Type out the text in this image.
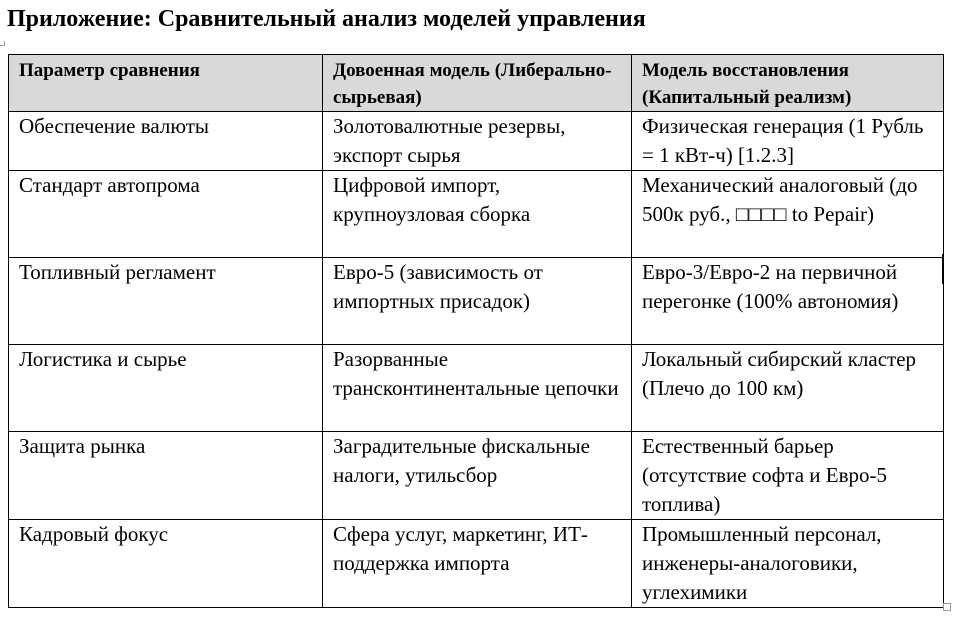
Приложение: Сравнительный анализ моделей управления
Параметр сравнения	Довоенная модель (Либерально-сырьевая)	Модель восстановления (Капитальный реализм)

Обеспечение валюты	Золотовалютные резервы, экспорт сырья	Физическая генерация (1 Рубль = 1 кВт-ч) [1.2.3]

Стандарт автопрома	Цифровой импорт, крупноузловая сборка	Механический аналоговый (до 500к руб., □□□□ to Pepair)

Топливный регламент	Евро-5 (зависимость от импортных присадок)	Евро-3/Евро-2 на первичной перегонке (100% автономия)

Логистика и сырье	Разорванные трансконтинентальные цепочки	Локальный сибирский кластер (Плечо до 100 км)

Защита рынка	Заградительные фискальные налоги, утильсбор	Естественный барьер (отсутствие софта и Евро-5 топлива)

Кадровый фокус	Сфера услуг, маркетинг, ИТ-поддержка импорта	Промышленный персонал, инженеры-аналоговики, углехимики
